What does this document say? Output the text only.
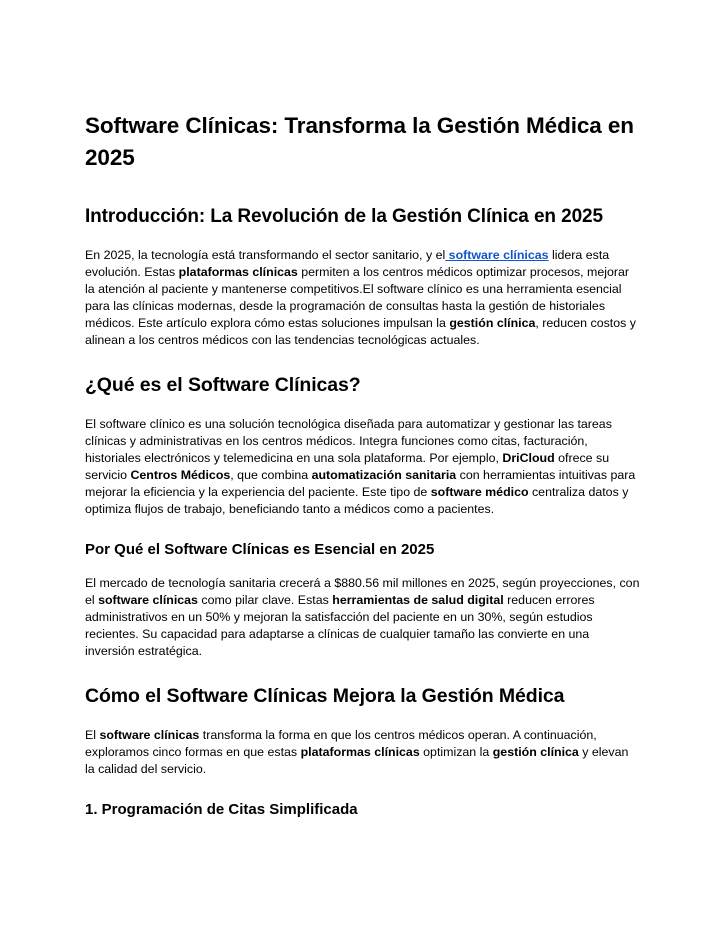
Software Clínicas: Transforma la Gestión Médica en 2025
Introducción: La Revolución de la Gestión Clínica en 2025

En 2025, la tecnología está transformando el sector sanitario, y el software clínicas lidera esta evolución. Estas plataformas clínicas permiten a los centros médicos optimizar procesos, mejorar la atención al paciente y mantenerse competitivos.El software clínico es una herramienta esencial para las clínicas modernas, desde la programación de consultas hasta la gestión de historiales médicos. Este artículo explora cómo estas soluciones impulsan la gestión clínica, reducen costos y alinean a los centros médicos con las tendencias tecnológicas actuales.

¿Qué es el Software Clínicas?

El software clínico es una solución tecnológica diseñada para automatizar y gestionar las tareas clínicas y administrativas en los centros médicos. Integra funciones como citas, facturación, historiales electrónicos y telemedicina en una sola plataforma. Por ejemplo, DriCloud ofrece su servicio Centros Médicos, que combina automatización sanitaria con herramientas intuitivas para mejorar la eficiencia y la experiencia del paciente. Este tipo de software médico centraliza datos y optimiza flujos de trabajo, beneficiando tanto a médicos como a pacientes.

Por Qué el Software Clínicas es Esencial en 2025

El mercado de tecnología sanitaria crecerá a $880.56 mil millones en 2025, según proyecciones, con el software clínicas como pilar clave. Estas herramientas de salud digital reducen errores administrativos en un 50% y mejoran la satisfacción del paciente en un 30%, según estudios recientes. Su capacidad para adaptarse a clínicas de cualquier tamaño las convierte en una inversión estratégica.

Cómo el Software Clínicas Mejora la Gestión Médica

El software clínicas transforma la forma en que los centros médicos operan. A continuación, exploramos cinco formas en que estas plataformas clínicas optimizan la gestión clínica y elevan la calidad del servicio.

1. Programación de Citas Simplificada
